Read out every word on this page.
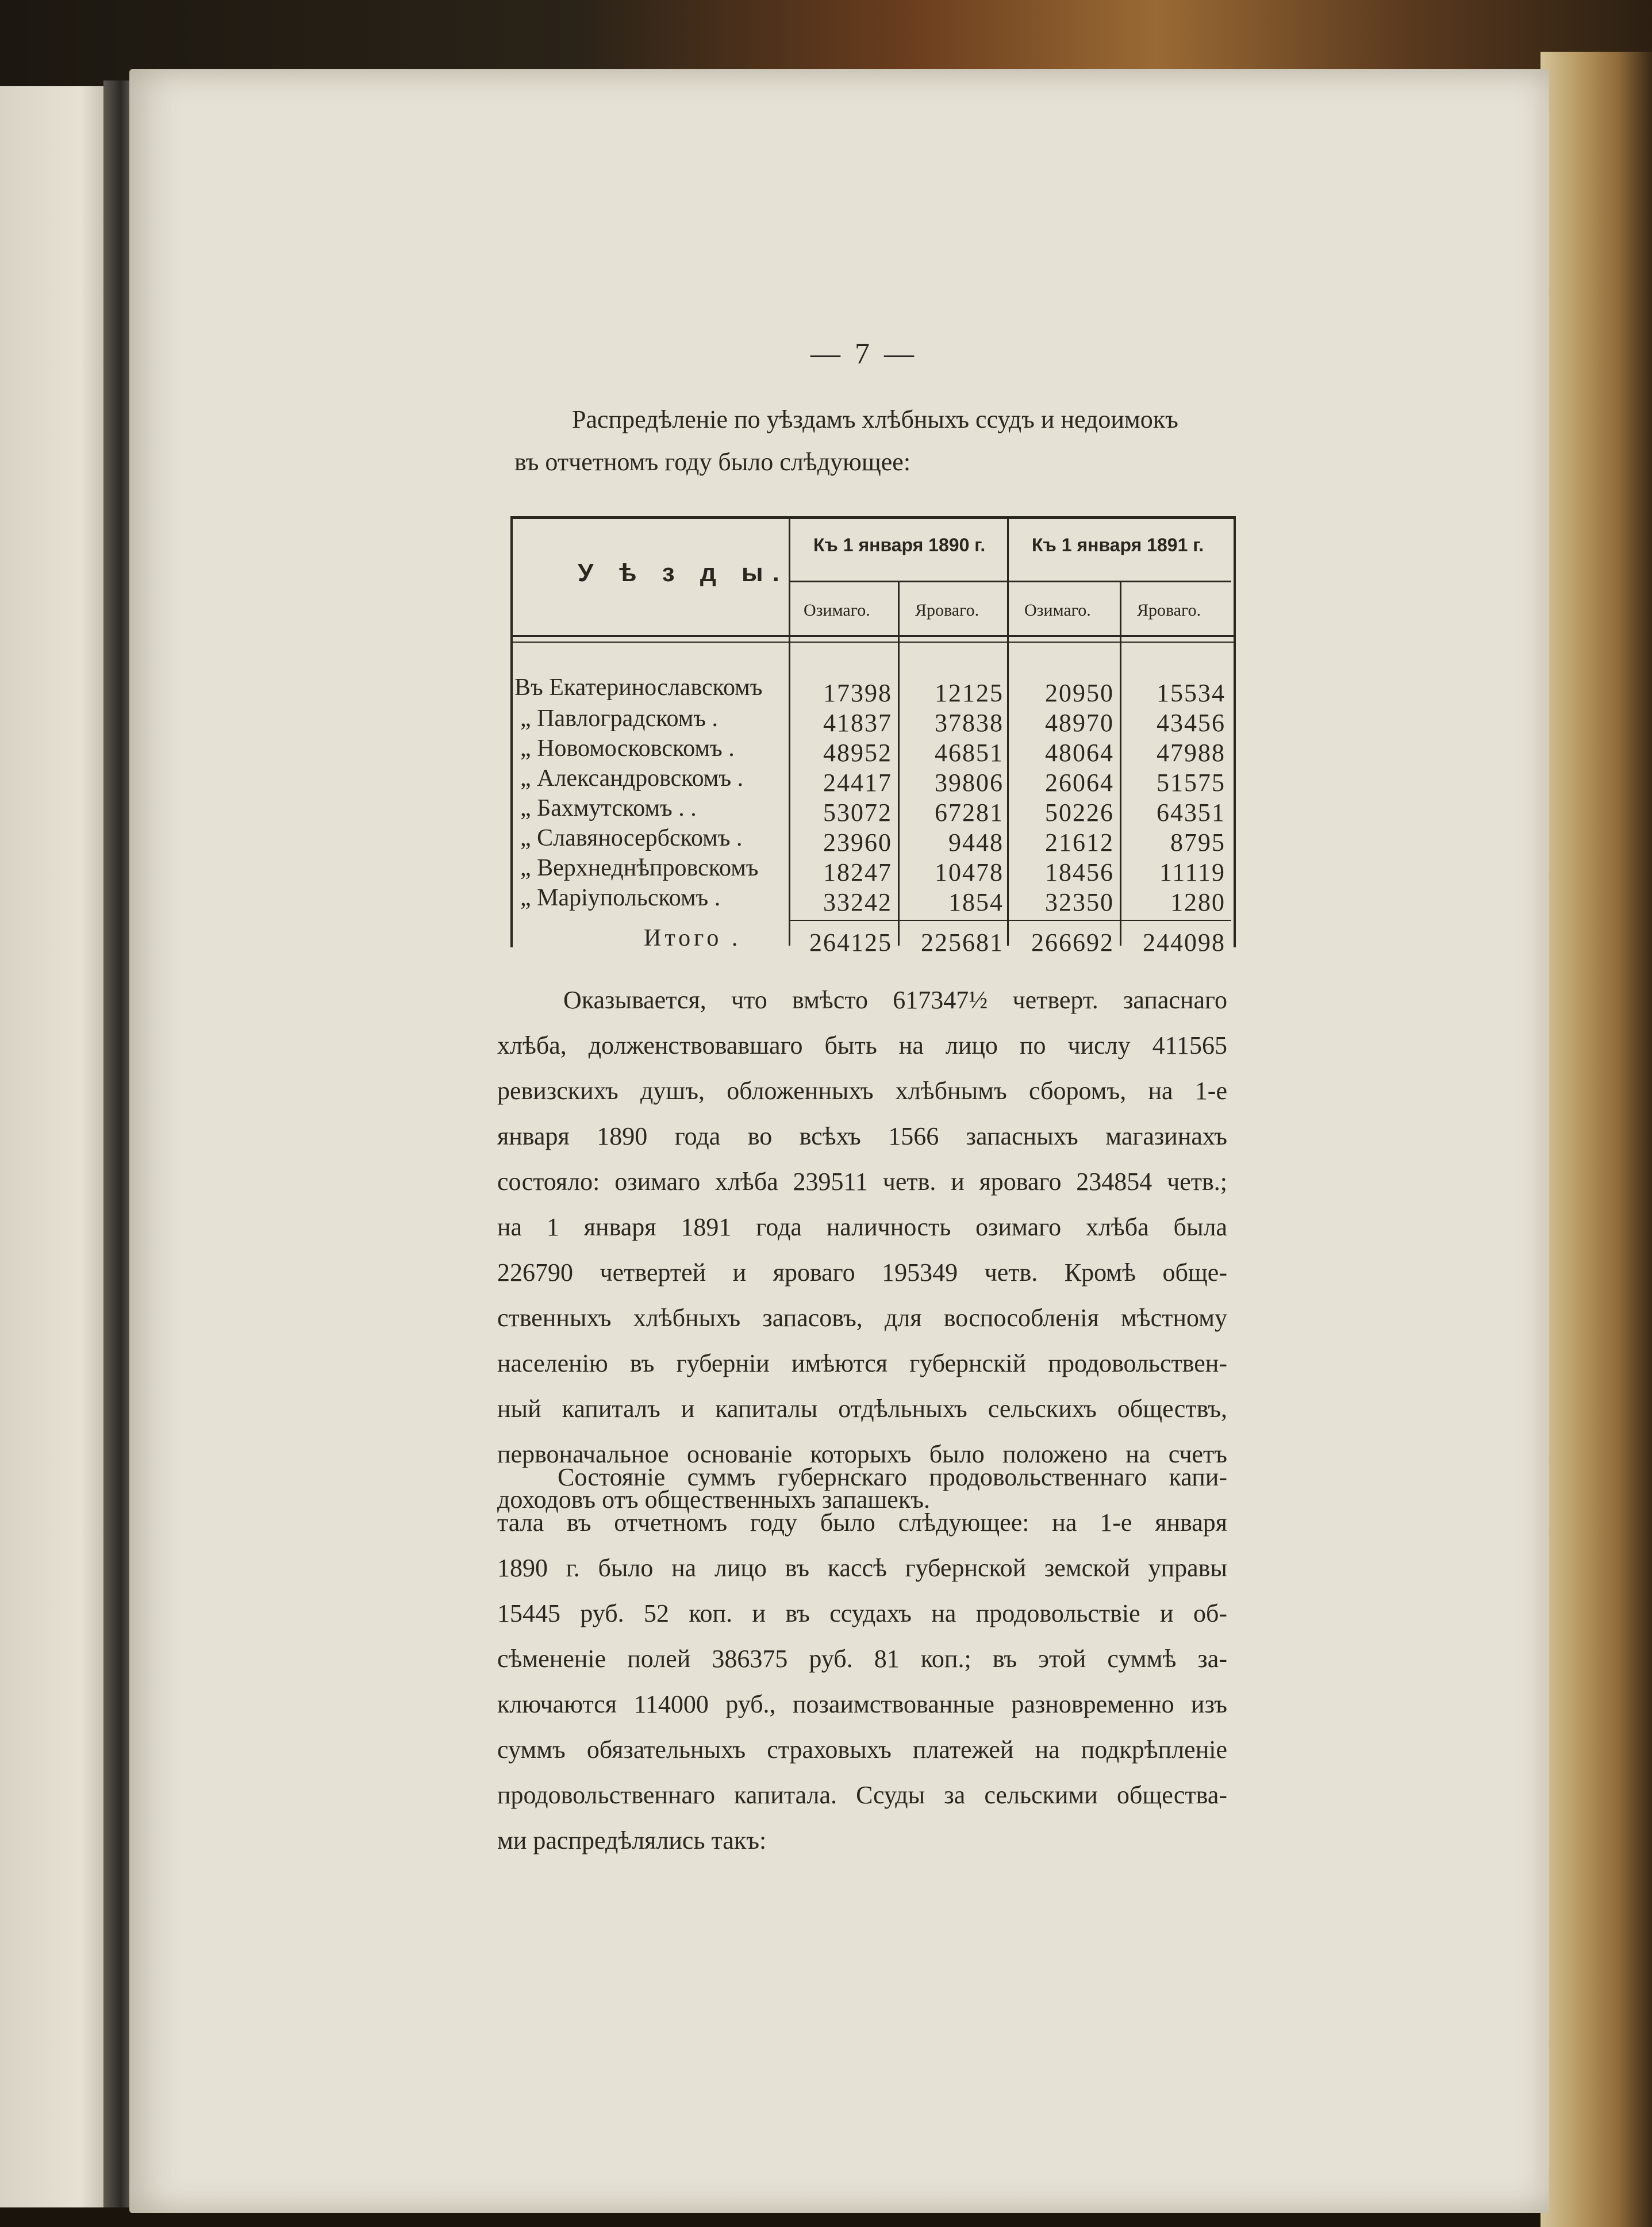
— 7 —
Распредѣленіе по уѣздамъ хлѣбныхъ ссудъ и недоимокъ
въ отчетномъ году было слѣдующее:
У ѣ з д ы.
Къ 1 января 1890 г.	Къ 1 января 1891 г.
Озимаго.	Яроваго.	Озимаго.	Яроваго.
Въ Екатеринославскомъ	17398	12125	20950	15534
„ Павлоградскомъ .	41837	37838	48970	43456
„ Новомосковскомъ .	48952	46851	48064	47988
„ Александровскомъ .	24417	39806	26064	51575
„ Бахмутскомъ . .	53072	67281	50226	64351
„ Славяносербскомъ .	23960	9448	21612	8795
„ Верхнеднѣпровскомъ	18247	10478	18456	11119
„ Маріупольскомъ .	33242	1854	32350	1280
Итого .	264125	225681	266692	244098
Оказывается, что вмѣсто 617347½ четверт. запаснаго
хлѣба, долженствовавшаго быть на лицо по числу 411565
ревизскихъ душъ, обложенныхъ хлѣбнымъ сборомъ, на 1-е
января 1890 года во всѣхъ 1566 запасныхъ магазинахъ
состояло: озимаго хлѣба 239511 четв. и яроваго 234854 четв.;
на 1 января 1891 года наличность озимаго хлѣба была
226790 четвертей и яроваго 195349 четв. Кромѣ обще-
ственныхъ хлѣбныхъ запасовъ, для воспособленія мѣстному
населенію въ губерніи имѣются губернскій продовольствен-
ный капиталъ и капиталы отдѣльныхъ сельскихъ обществъ,
первоначальное основаніе которыхъ было положено на счетъ
доходовъ отъ общественныхъ запашекъ.
Состояніе суммъ губернскаго продовольственнаго капи-
тала въ отчетномъ году было слѣдующее: на 1-е января
1890 г. было на лицо въ кассѣ губернской земской управы
15445 руб. 52 коп. и въ ссудахъ на продовольствіе и об-
сѣмененіе полей 386375 руб. 81 коп.; въ этой суммѣ за-
ключаются 114000 руб., позаимствованные разновременно изъ
суммъ обязательныхъ страховыхъ платежей на подкрѣпленіе
продовольственнаго капитала. Ссуды за сельскими общества-
ми распредѣлялись такъ:
